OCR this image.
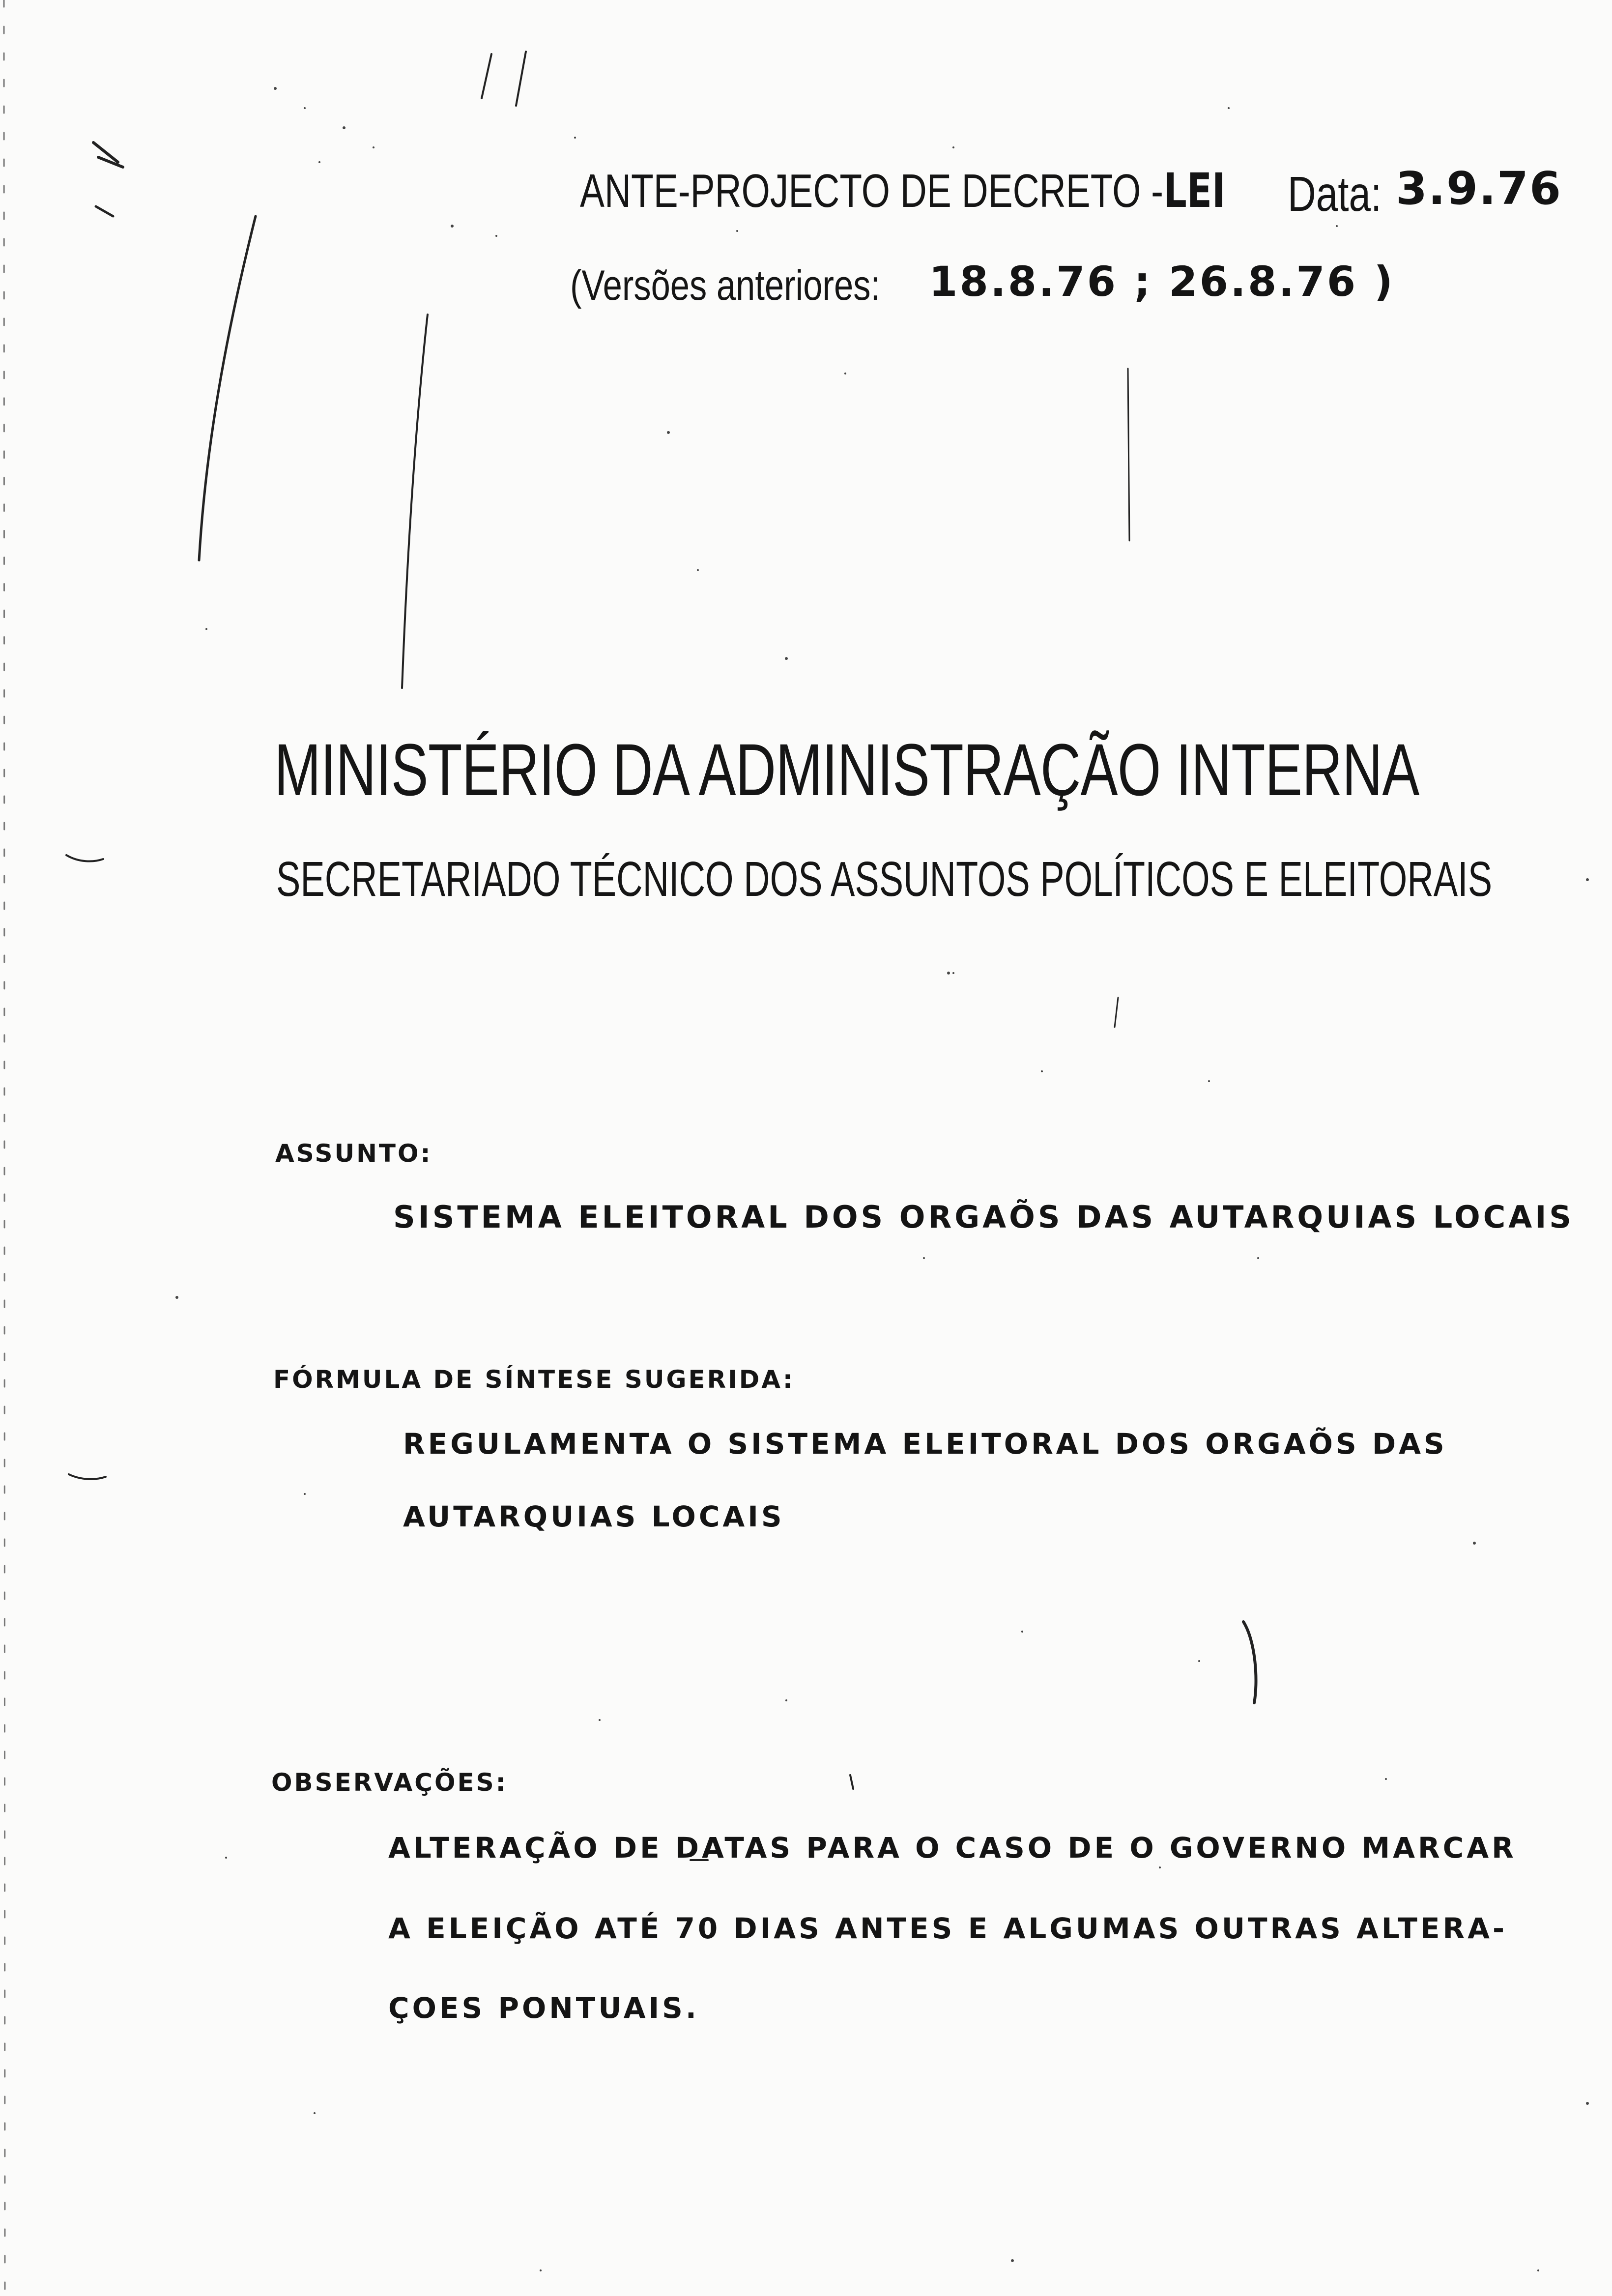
ANTE-PROJECTO DE DECRETO -LEI Data: 3.9.76
(Versões anteriores: 18.8.76 ; 26.8.76 )
MINISTÉRIO DA ADMINISTRAÇÃO INTERNA
SECRETARIADO TÉCNICO DOS ASSUNTOS POLÍTICOS E ELEITORAIS
ASSUNTO:
SISTEMA ELEITORAL DOS ORGAÕS DAS AUTARQUIAS LOCAIS
FÓRMULA DE SÍNTESE SUGERIDA:
REGULAMENTA O SISTEMA ELEITORAL DOS ORGAÕS DAS
AUTARQUIAS LOCAIS
OBSERVAÇÕES:
ALTERAÇÃO DE DATAS PARA O CASO DE O GOVERNO MARCAR
A ELEIÇÃO ATÉ 70 DIAS ANTES E ALGUMAS OUTRAS ALTERA-
ÇOES PONTUAIS.
